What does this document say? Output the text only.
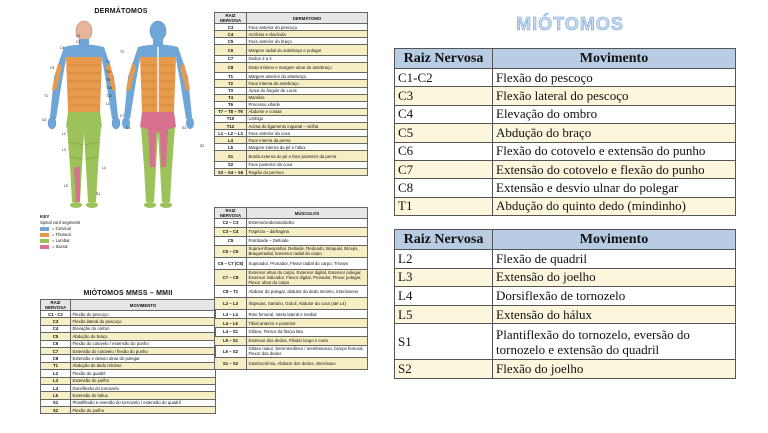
DERMÁTOMOS
C2
C3
C4
C5
T1
T2
T4
T6
T8
T10
T12
L1
L2
L3
L4
L5
S1
S2
S3
C6
C7
C8
KEY
Spinal cord segments
= Cervical
= Thoracic
= Lumbar
= Sacral
MIÓTOMOS MMSS – MMII
RAIZ NERVOSA	MOVIMENTO
C1 - C2	Flexão do pescoço
C3	Flexão lateral do pescoço
C4	Elevação do ombro
C5	Abdução do braço
C6	Flexão do cotovelo / extensão do punho
C7	Extensão do cotovelo / flexão do punho
C8	Extensão e desvio ulnar do polegar
T1	Abdução do dedo mínimo
L2	Flexão do quadril
L3	Extensão do joelho
L4	Dorsiflexão do tornozelo
L5	Extensão do hálux
S1	Plantiflexão e eversão do tornozelo / extensão do quadril
S2	Flexão do joelho
RAIZ NERVOSA	DERMÁTOMO
C3	Face anterior do pescoço
C4	Acrômio e clavícula
C5	Face anterior do braço
C6	Margem radial do antebraço e polegar
C7	Dedos 2 a 4
C8	Dedo mínimo e margem ulnar do antebraço
T1	Margem anterior do antebraço
T2	Face interna do antebraço
T3	Ápice do ângulo de Louis
T4	Mamilos
T6	Processo xifoide
T7 – T8 – T9	Abdome e costas
T10	Umbigo
T12	Acima do ligamento inguinal – virilha
L1 – L2 – L3	Face anterior da coxa
L4	Face interna da perna
L5	Margem interna do pé e hálux
S1	Borda externa do pé e face posterior da perna
S2	Face posterior da coxa
S3 – S4 – S5	Região do períneo
RAIZ NERVOSA	MÚSCULOS
C2 – C3	Esternocleidomastóideo
C3 – C4	Trapézio – diafragma
C5	Romboide – Deltoide
C5 – C6	Supra-infraespinhal, Deltoide, Redondo, Braquial, Bíceps, Braquirradial, Extensor radial do carpo
C6 – C7 (C8)	Supinador, Pronador, Flexor radial do carpo, Tríceps
C7 – C8	Extensor ulnar do carpo, Extensor digital, Extensor polegar, Extensor indicador, Flexor digital, Pronador, Flexor polegar, Flexor ulnar do carpo
C8 – T1	Abdutor do polegar, abdutor do dedo mínimo, interósseos
L2 – L3	Iliopsoas, Sartório, Grácil, Abdutor da coxa (até L4)
L3 – L4	Reto femoral, Vasto lateral e medial
L4 – L5	Tibial anterior e posterior
L4 – S1	Glúteo, Tensor da fáscia lata
L5 – S1	Extensor dos dedos, Fibular longo e curto
L5 – S2	Glúteo maior, Semi-tendíneo / membranoso, bíceps femural, Flexor dos dedos
S1 – S2	Gastrocnêmio, Abdutor dos dedos, interósseo
MIÓTOMOS
Raiz Nervosa	Movimento
C1-C2	Flexão do pescoço
C3	Flexão lateral do pescoço
C4	Elevação do ombro
C5	Abdução do braço
C6	Flexão do cotovelo e extensão do punho
C7	Extensão do cotovelo e flexão do punho
C8	Extensão e desvio ulnar do polegar
T1	Abdução do quinto dedo (mindinho)
Raiz Nervosa	Movimento
L2	Flexão de quadril
L3	Extensão do joelho
L4	Dorsiflexão de tornozelo
L5	Extensão do hálux
S1	Plantiflexão do tornozelo, eversão do tornozelo e extensão do quadril
S2	Flexão do joelho
